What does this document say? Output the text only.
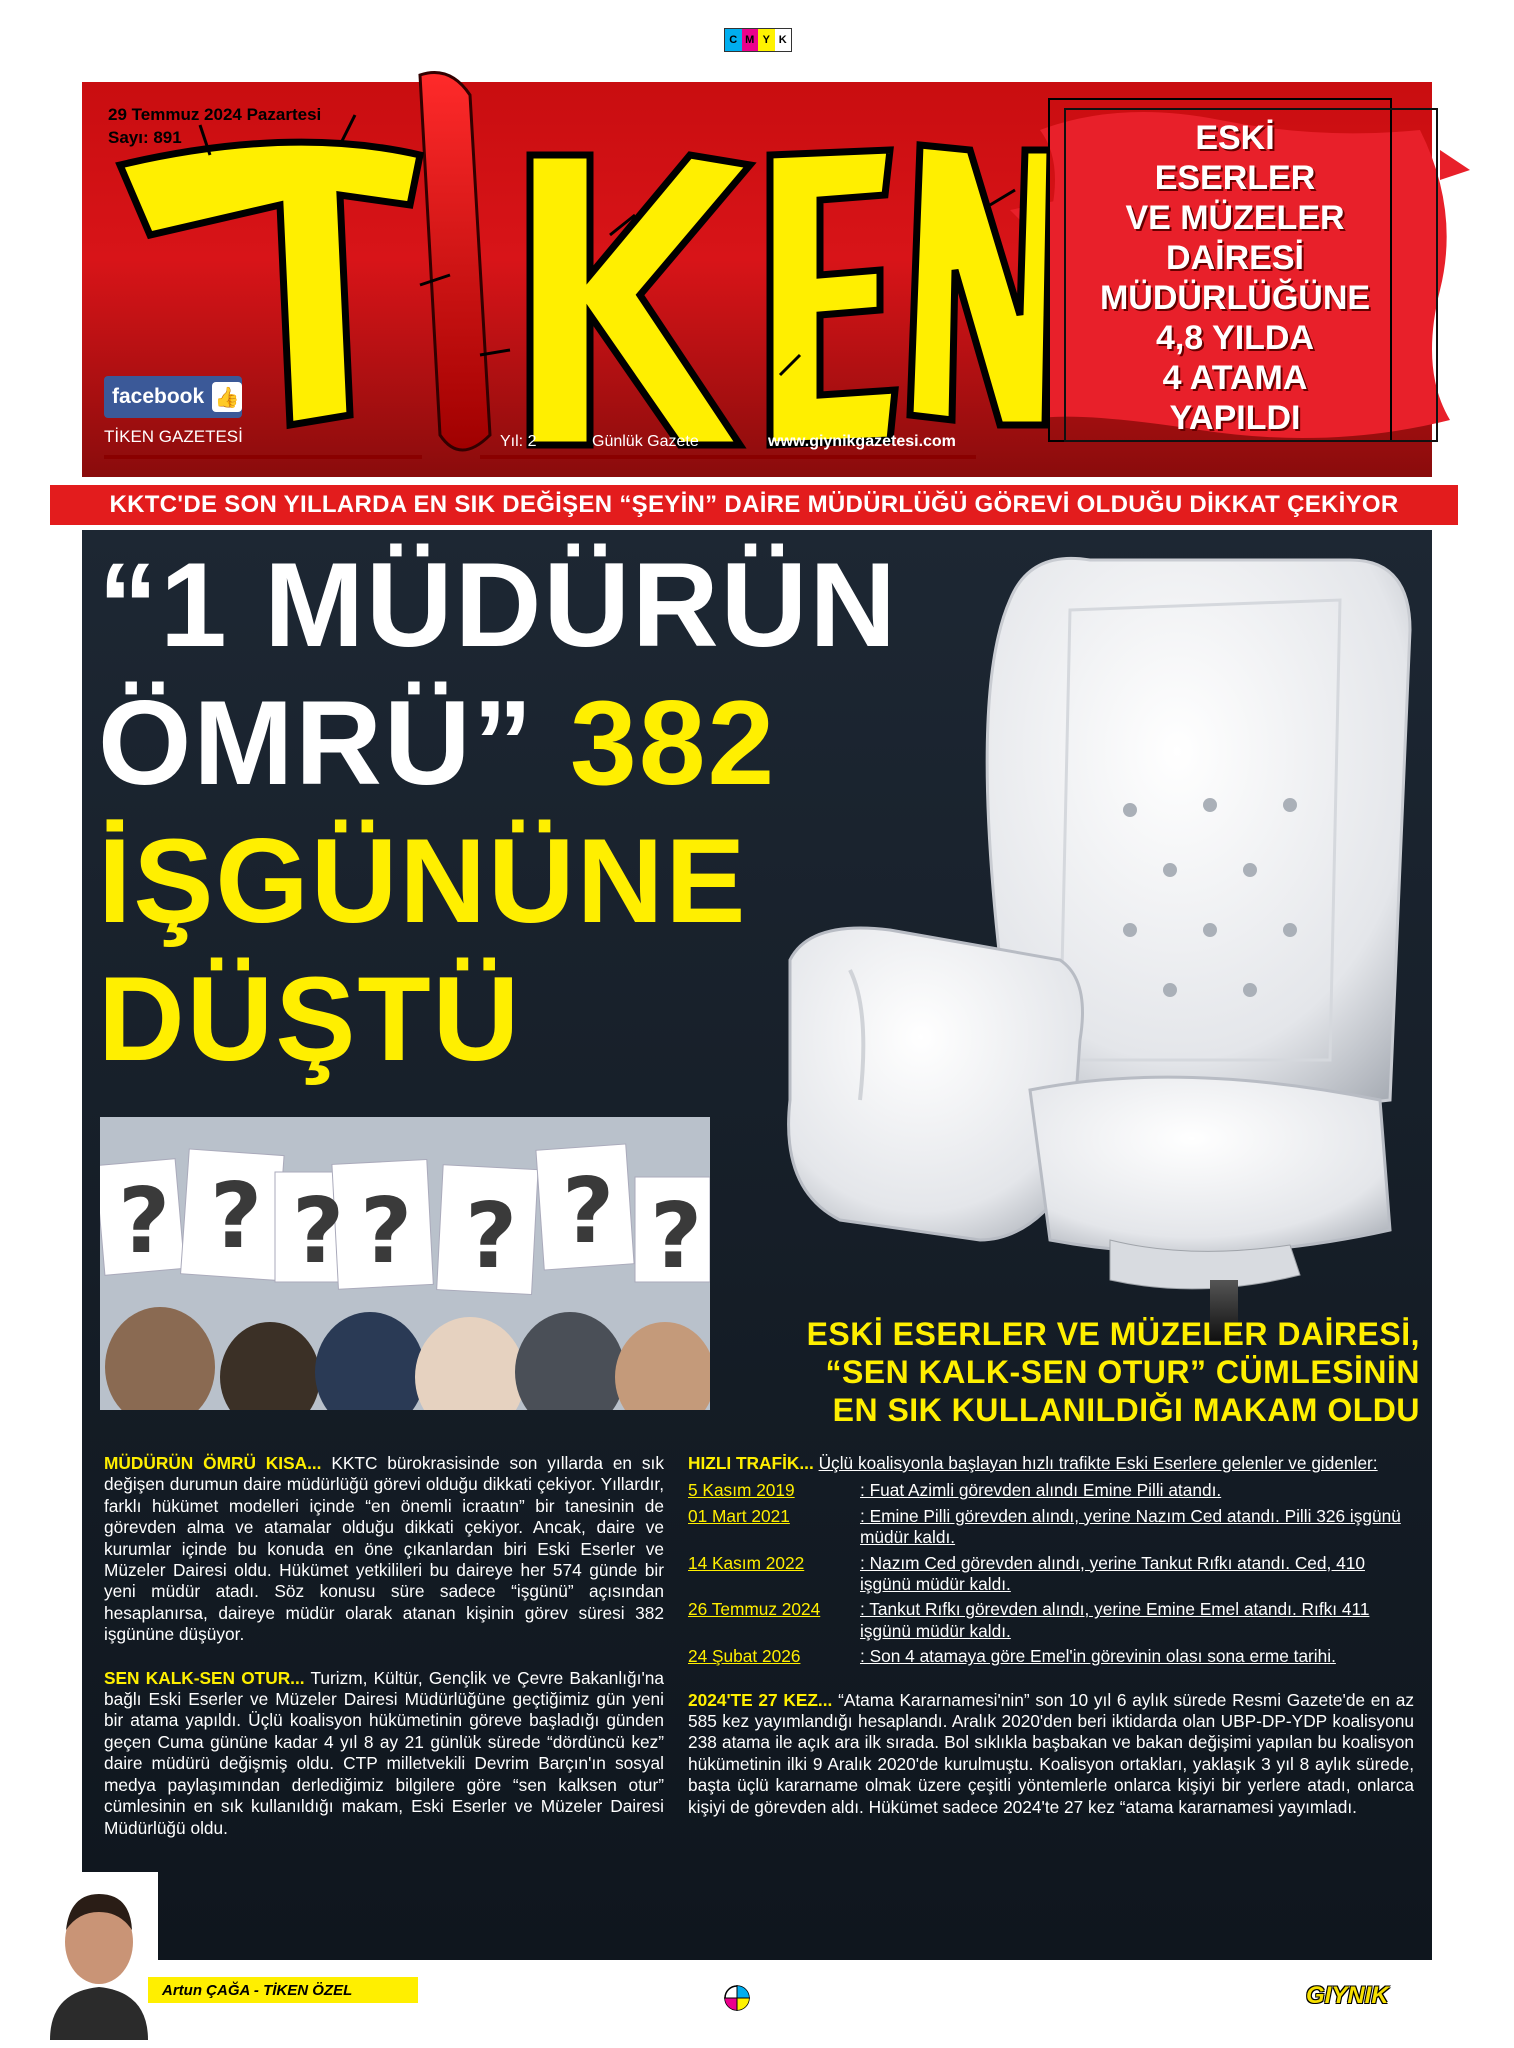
C M Y K
29 Temmuz 2024 Pazartesi
Sayı: 891
facebook 👍
TİKEN GAZETESİ	Yıl: 2	Günlük Gazete	www.giynikgazetesi.com
ESKİ
ESERLER
VE MÜZELER
DAİRESİ
MÜDÜRLÜĞÜNE
4,8 YILDA
4 ATAMA
YAPILDI
KKTC'DE SON YILLARDA EN SIK DEĞİŞEN “ŞEYİN” DAİRE MÜDÜRLÜĞÜ GÖREVİ OLDUĞU DİKKAT ÇEKİYOR
“1 MÜDÜRÜN
ÖMRÜ” 382
İŞGÜNÜNE
DÜŞTÜ
? ? ? ? ? ? ?
ESKİ ESERLER VE MÜZELER DAİRESİ,
“SEN KALK-SEN OTUR” CÜMLESİNİN
EN SIK KULLANILDIĞI MAKAM OLDU

MÜDÜRÜN ÖMRÜ KISA... KKTC bürokrasisinde son yıllarda en sık değişen durumun daire müdürlüğü görevi olduğu dikkati çekiyor. Yıllardır, farklı hükümet modelleri içinde “en önemli icraatın” bir tanesinin de görevden alma ve atamalar olduğu dikkati çekiyor. Ancak, daire ve kurumlar içinde bu konuda en öne çıkanlardan biri Eski Eserler ve Müzeler Dairesi oldu. Hükümet yetkilileri bu daireye her 574 günde bir yeni müdür atadı. Söz konusu süre sadece “işgünü” açısından hesaplanırsa, daireye müdür olarak atanan kişinin görev süresi 382 işgününe düşüyor.

SEN KALK-SEN OTUR... Turizm, Kültür, Gençlik ve Çevre Bakanlığı'na bağlı Eski Eserler ve Müzeler Dairesi Müdürlüğüne geçtiğimiz gün yeni bir atama yapıldı. Üçlü koalisyon hükümetinin göreve başladığı günden geçen Cuma gününe kadar 4 yıl 8 ay 21 günlük sürede “dördüncü kez” daire müdürü değişmiş oldu. CTP milletvekili Devrim Barçın'ın sosyal medya paylaşımından derlediğimiz bilgilere göre “sen kalksen otur” cümlesinin en sık kullanıldığı makam, Eski Eserler ve Müzeler Dairesi Müdürlüğü oldu.

HIZLI TRAFİK... Üçlü koalisyonla başlayan hızlı trafikte Eski Eserlere gelenler ve gidenler:

5 Kasım 2019	: Fuat Azimli görevden alındı Emine Pilli atandı.
01 Mart 2021	: Emine Pilli görevden alındı, yerine Nazım Ced atandı. Pilli 326 işgünü müdür kaldı.
14 Kasım 2022	: Nazım Ced görevden alındı, yerine Tankut Rıfkı atandı. Ced, 410 işgünü müdür kaldı.
26 Temmuz 2024	: Tankut Rıfkı görevden alındı, yerine Emine Emel atandı. Rıfkı 411 işgünü müdür kaldı.
24 Şubat 2026	: Son 4 atamaya göre Emel'in görevinin olası sona erme tarihi.

2024'TE 27 KEZ... “Atama Kararnamesi'nin” son 10 yıl 6 aylık sürede Resmi Gazete'de en az 585 kez yayımlandığı hesaplandı. Aralık 2020'den beri iktidarda olan UBP-DP-YDP koalisyonu 238 atama ile açık ara ilk sırada. Bol sıklıkla başbakan ve bakan değişimi yapılan bu koalisyon hükümetinin ilki 9 Aralık 2020'de kurulmuştu. Koalisyon ortakları, yaklaşık 3 yıl 8 aylık sürede, başta üçlü kararname olmak üzere çeşitli yöntemlerle onlarca kişiyi bir yerlere atadı, onlarca kişiyi de görevden aldı. Hükümet sadece 2024'te 27 kez “atama kararnamesi yayımladı.

Artun ÇAĞA - TİKEN ÖZEL	GIYNIK
